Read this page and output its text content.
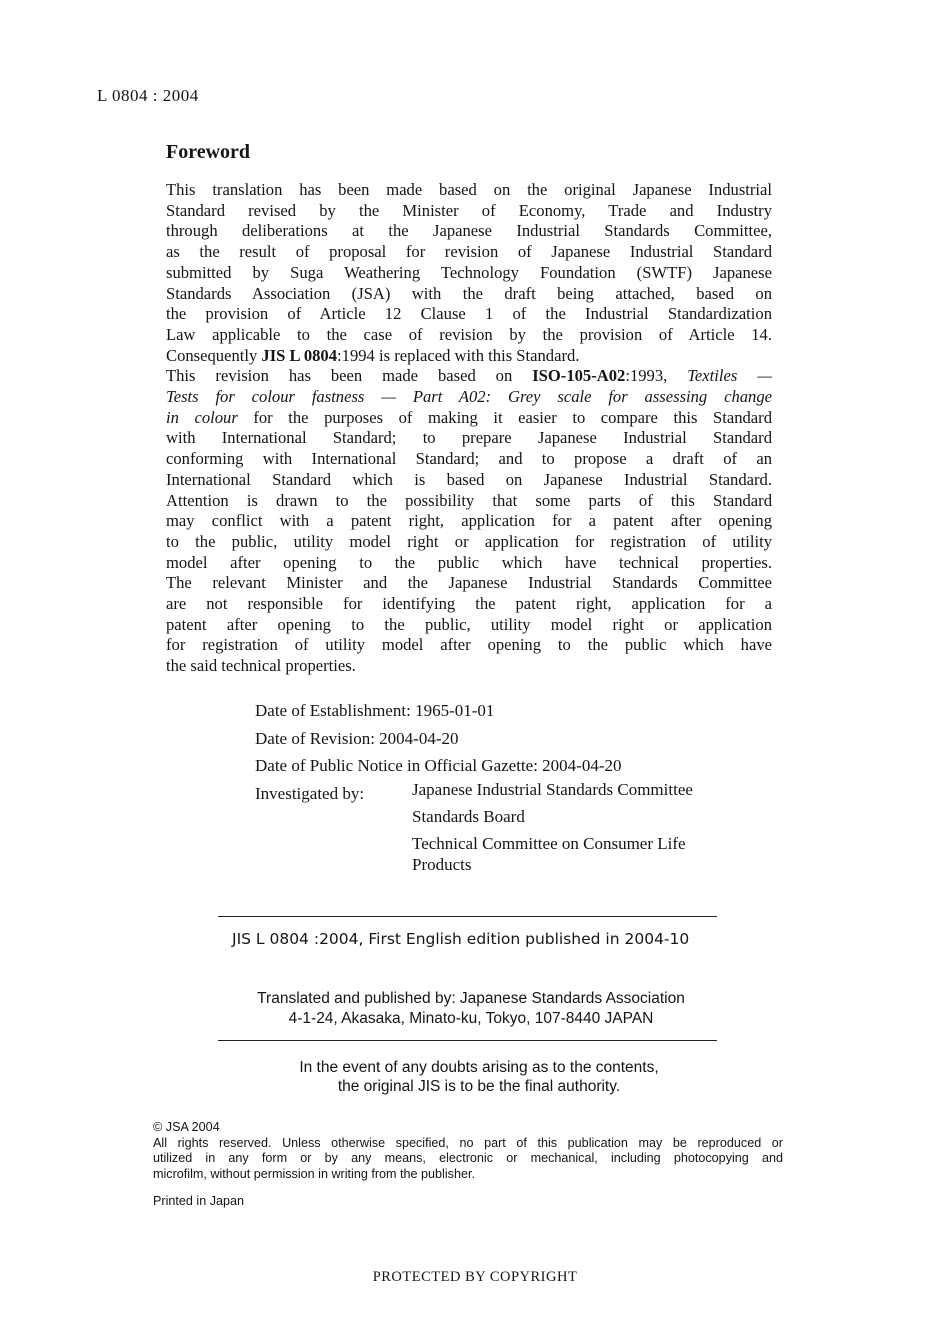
L 0804 : 2004
Foreword
This translation has been made based on the original Japanese Industrial
Standard revised by the Minister of Economy, Trade and Industry
through deliberations at the Japanese Industrial Standards Committee,
as the result of proposal for revision of Japanese Industrial Standard
submitted by Suga Weathering Technology Foundation (SWTF) Japanese
Standards Association (JSA) with the draft being attached, based on
the provision of Article 12 Clause 1 of the Industrial Standardization
Law applicable to the case of revision by the provision of Article 14.
Consequently JIS L 0804:1994 is replaced with this Standard.
This revision has been made based on ISO-105-A02:1993, Textiles —
Tests for colour fastness — Part A02: Grey scale for assessing change
in colour for the purposes of making it easier to compare this Standard
with International Standard; to prepare Japanese Industrial Standard
conforming with International Standard; and to propose a draft of an
International Standard which is based on Japanese Industrial Standard.
Attention is drawn to the possibility that some parts of this Standard
may conflict with a patent right, application for a patent after opening
to the public, utility model right or application for registration of utility
model after opening to the public which have technical properties.
The relevant Minister and the Japanese Industrial Standards Committee
are not responsible for identifying the patent right, application for a
patent after opening to the public, utility model right or application
for registration of utility model after opening to the public which have
the said technical properties.
Date of Establishment:
1965-01-01
Date of Revision:
2004-04-20
Date of Public Notice in Official Gazette:
2004-04-20
Investigated by:	Japanese Industrial Standards Committee
Standards Board
Technical Committee on Consumer Life
Products
JIS L 0804 :2004, First English edition published in 2004-10
Translated and published by: Japanese Standards Association
4-1-24, Akasaka, Minato-ku, Tokyo, 107-8440 JAPAN
In the event of any doubts arising as to the contents,
the original JIS is to be the final authority.
© JSA 2004
All rights reserved. Unless otherwise specified, no part of this publication may be reproduced or
utilized in any form or by any means, electronic or mechanical, including photocopying and
microfilm, without permission in writing from the publisher.
Printed in Japan
PROTECTED BY COPYRIGHT
